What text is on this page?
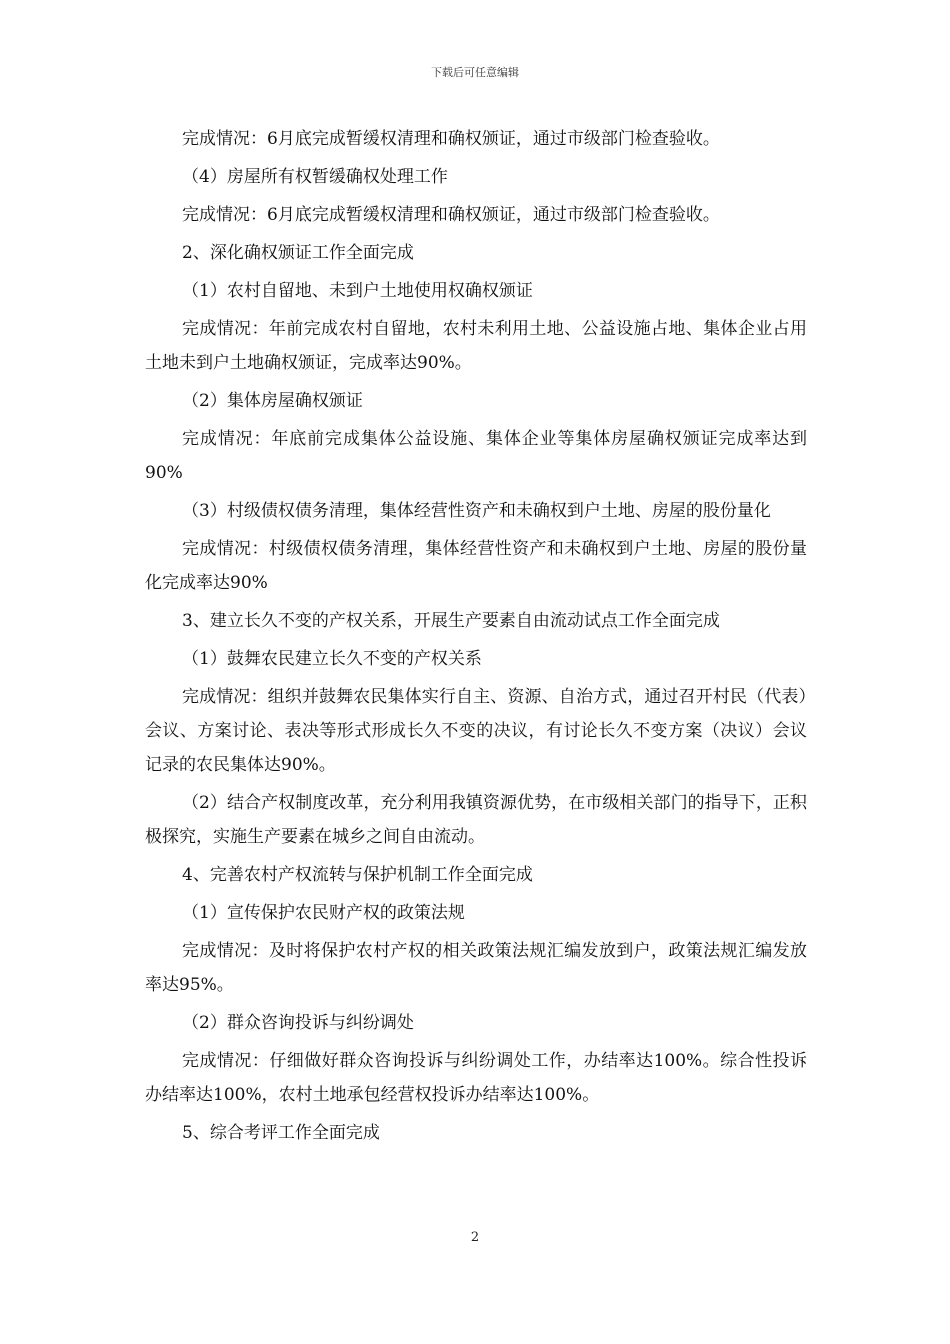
下载后可任意编辑

完成情况：6月底完成暂缓权清理和确权颁证，通过市级部门检查验收。

（4）房屋所有权暂缓确权处理工作

完成情况：6月底完成暂缓权清理和确权颁证，通过市级部门检查验收。

2、深化确权颁证工作全面完成

（1）农村自留地、未到户土地使用权确权颁证

完成情况：年前完成农村自留地，农村未利用土地、公益设施占地、集体企业占用土地未到户土地确权颁证，完成率达90%。

（2）集体房屋确权颁证

完成情况：年底前完成集体公益设施、集体企业等集体房屋确权颁证完成率达到90%

（3）村级债权债务清理，集体经营性资产和未确权到户土地、房屋的股份量化

完成情况：村级债权债务清理，集体经营性资产和未确权到户土地、房屋的股份量化完成率达90%

3、建立长久不变的产权关系，开展生产要素自由流动试点工作全面完成

（1）鼓舞农民建立长久不变的产权关系

完成情况：组织并鼓舞农民集体实行自主、资源、自治方式，通过召开村民（代表）会议、方案讨论、表决等形式形成长久不变的决议，有讨论长久不变方案（决议）会议记录的农民集体达90%。

（2）结合产权制度改革，充分利用我镇资源优势，在市级相关部门的指导下，正积极探究，实施生产要素在城乡之间自由流动。

4、完善农村产权流转与保护机制工作全面完成

（1）宣传保护农民财产权的政策法规

完成情况：及时将保护农村产权的相关政策法规汇编发放到户，政策法规汇编发放率达95%。

（2）群众咨询投诉与纠纷调处

完成情况：仔细做好群众咨询投诉与纠纷调处工作，办结率达100%。综合性投诉办结率达100%，农村土地承包经营权投诉办结率达100%。

5、综合考评工作全面完成

2
